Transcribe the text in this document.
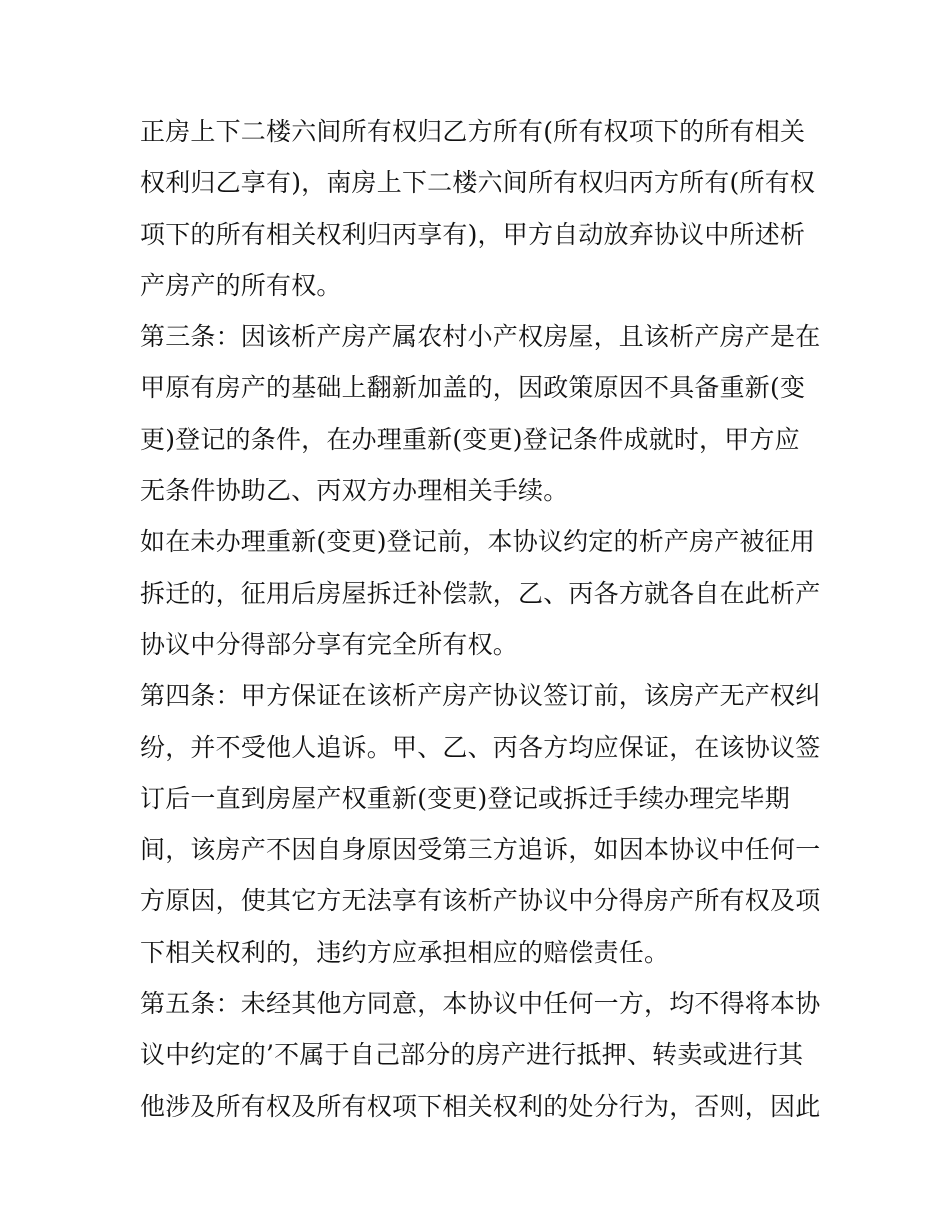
正房上下二楼六间所有权归乙方所有(所有权项下的所有相关
权利归乙享有)，南房上下二楼六间所有权归丙方所有(所有权
项下的所有相关权利归丙享有)，甲方自动放弃协议中所述析
产房产的所有权。
第三条：因该析产房产属农村小产权房屋，且该析产房产是在
甲原有房产的基础上翻新加盖的，因政策原因不具备重新(变
更)登记的条件，在办理重新(变更)登记条件成就时，甲方应
无条件协助乙、丙双方办理相关手续。
如在未办理重新(变更)登记前，本协议约定的析产房产被征用
拆迁的，征用后房屋拆迁补偿款，乙、丙各方就各自在此析产
协议中分得部分享有完全所有权。
第四条：甲方保证在该析产房产协议签订前，该房产无产权纠
纷，并不受他人追诉。甲、乙、丙各方均应保证，在该协议签
订后一直到房屋产权重新(变更)登记或拆迁手续办理完毕期
间，该房产不因自身原因受第三方追诉，如因本协议中任何一
方原因，使其它方无法享有该析产协议中分得房产所有权及项
下相关权利的，违约方应承担相应的赔偿责任。
第五条：未经其他方同意，本协议中任何一方，均不得将本协
议中约定的’不属于自己部分的房产进行抵押、转卖或进行其
他涉及所有权及所有权项下相关权利的处分行为，否则，因此
